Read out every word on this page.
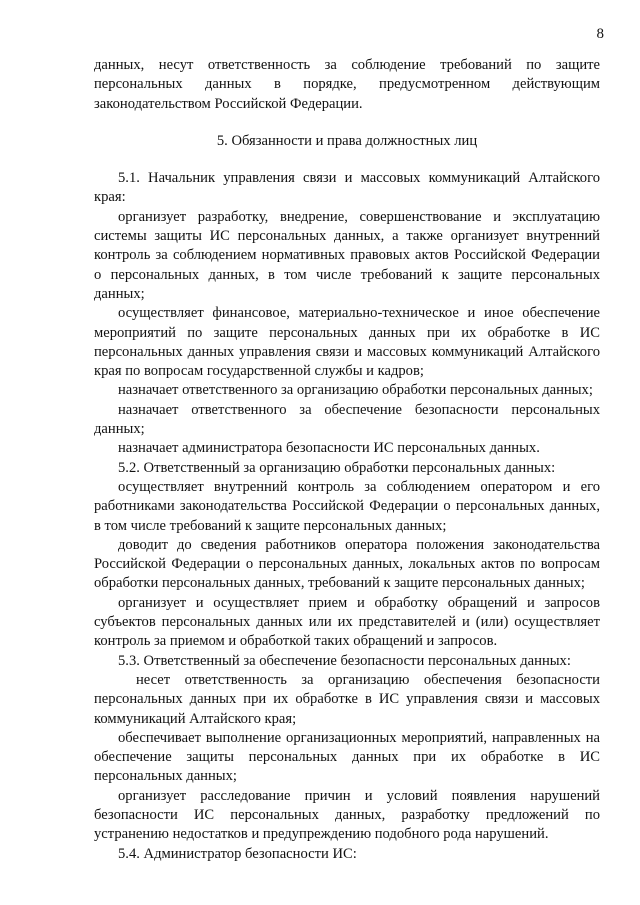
8

данных, несут ответственность за соблюдение требований по защите персональных данных в порядке, предусмотренном действующим законодательством Российской Федерации.

5. Обязанности и права должностных лиц

5.1. Начальник управления связи и массовых коммуникаций Алтайского края:

организует разработку, внедрение, совершенствование и эксплуатацию системы защиты ИС персональных данных, а также организует внутренний контроль за соблюдением нормативных правовых актов Российской Федерации о персональных данных, в том числе требований к защите персональных данных;

осуществляет финансовое, материально-техническое и иное обеспечение мероприятий по защите персональных данных при их обработке в ИС персональных данных управления связи и массовых коммуникаций Алтайского края по вопросам государственной службы и кадров;

назначает ответственного за организацию обработки персональных данных;

назначает ответственного за обеспечение безопасности персональных данных;

назначает администратора безопасности ИС персональных данных.

5.2. Ответственный за организацию обработки персональных данных:

осуществляет внутренний контроль за соблюдением оператором и его работниками законодательства Российской Федерации о персональных данных, в том числе требований к защите персональных данных;

доводит до сведения работников оператора положения законодательства Российской Федерации о персональных данных, локальных актов по вопросам обработки персональных данных, требований к защите персональных данных;

организует и осуществляет прием и обработку обращений и запросов субъектов персональных данных или их представителей и (или) осуществляет контроль за приемом и обработкой таких обращений и запросов.

5.3. Ответственный за обеспечение безопасности персональных данных:

несет ответственность за организацию обеспечения безопасности персональных данных при их обработке в ИС управления связи и массовых коммуникаций Алтайского края;

обеспечивает выполнение организационных мероприятий, направленных на обеспечение защиты персональных данных при их обработке в ИС персональных данных;

организует расследование причин и условий появления нарушений безопасности ИС персональных данных, разработку предложений по устранению недостатков и предупреждению подобного рода нарушений.

5.4. Администратор безопасности ИС:
